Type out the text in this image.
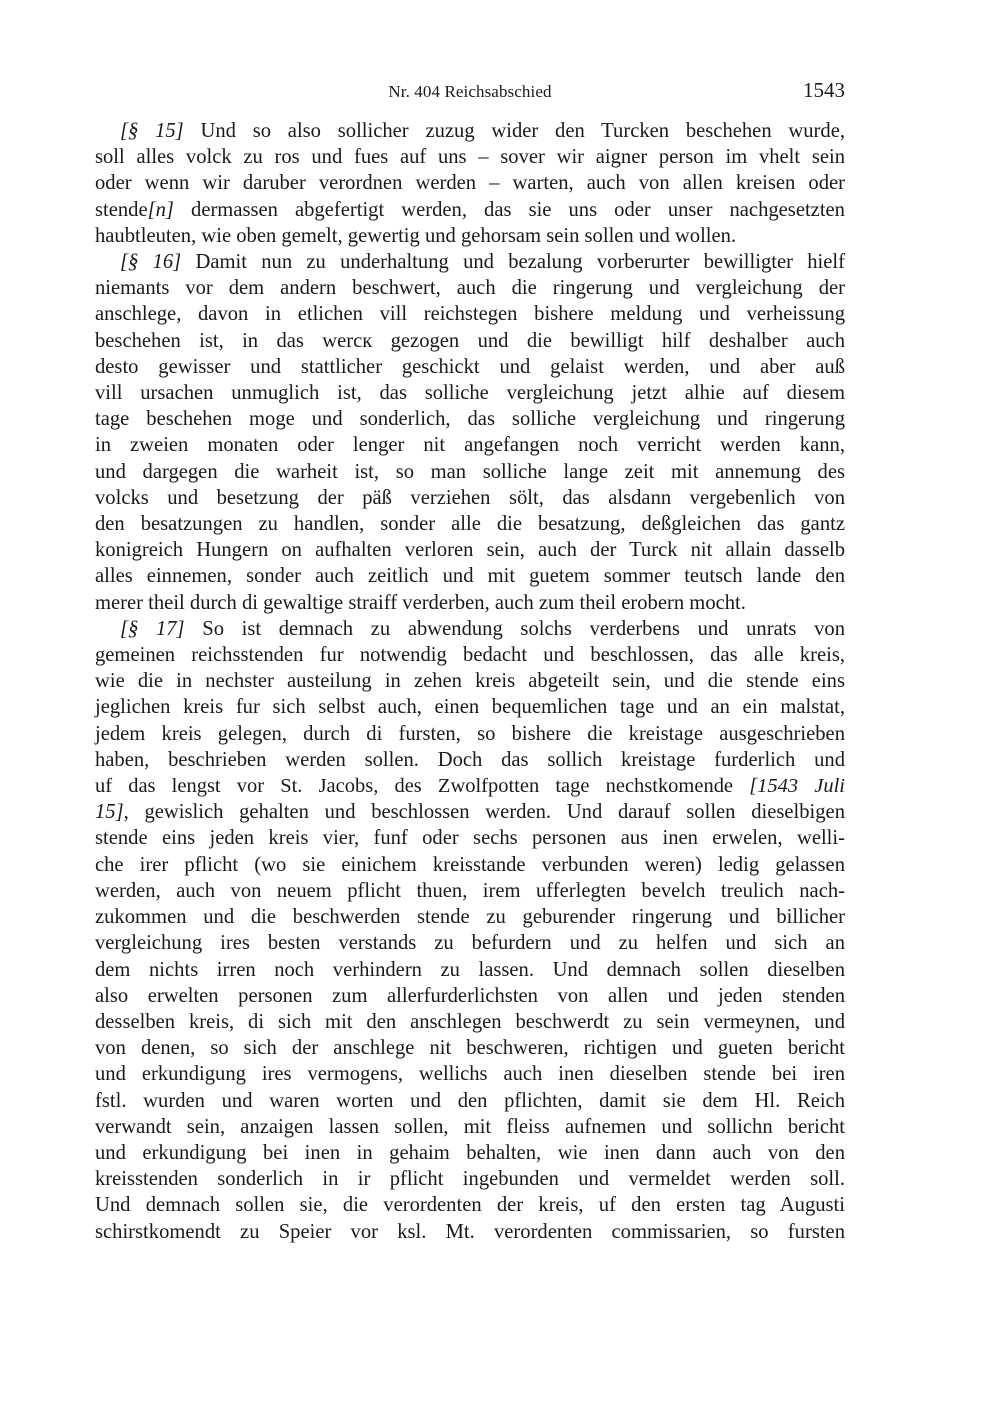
Nr. 404 Reichsabschied	1543
[§ 15] Und so also sollicher zuzug wider den Turcken beschehen wurde,
soll alles volck zu ros und fues auf uns – sover wir aigner person im vhelt sein
oder wenn wir daruber verordnen werden – warten, auch von allen kreisen oder
stende[n] dermassen abgefertigt werden, das sie uns oder unser nachgesetzten
haubtleuten, wie oben gemelt, gewertig und gehorsam sein sollen und wollen.
[§ 16] Damit nun zu underhaltung und bezalung vorberurter bewilligter hielf
niemants vor dem andern beschwert, auch die ringerung und vergleichung der
anschlege, davon in etlichen vill reichstegen bishere meldung und verheissung
beschehen ist, in das wercк gezogen und die bewilligt hilf deshalber auch
desto gewisser und stattlicher geschickt und gelaist werden, und aber auß
vill ursachen unmuglich ist, das solliche vergleichung jetzt alhie auf diesem
tage beschehen moge und sonderlich, das solliche vergleichung und ringerung
in zweien monaten oder lenger nit angefangen noch verricht werden kann,
und dargegen die warheit ist, so man solliche lange zeit mit annemung des
volcks und besetzung der päß verziehen sölt, das alsdann vergebenlich von
den besatzungen zu handlen, sonder alle die besatzung, deßgleichen das gantz
konigreich Hungern on aufhalten verloren sein, auch der Turck nit allain dasselb
alles einnemen, sonder auch zeitlich und mit guetem sommer teutsch lande den
merer theil durch di gewaltige straiff verderben, auch zum theil erobern mocht.
[§ 17] So ist demnach zu abwendung solchs verderbens und unrats von
gemeinen reichsstenden fur notwendig bedacht und beschlossen, das alle kreis,
wie die in nechster austeilung in zehen kreis abgeteilt sein, und die stende eins
jeglichen kreis fur sich selbst auch, einen bequemlichen tage und an ein malstat,
jedem kreis gelegen, durch di fursten, so bishere die kreistage ausgeschrieben
haben, beschrieben werden sollen. Doch das sollich kreistage furderlich und
uf das lengst vor St. Jacobs, des Zwolfpotten tage nechstkomende [1543 Juli
15], gewislich gehalten und beschlossen werden. Und darauf sollen dieselbigen
stende eins jeden kreis vier, funf oder sechs personen aus inen erwelen, welli-
che irer pflicht (wo sie einichem kreisstande verbunden weren) ledig gelassen
werden, auch von neuem pflicht thuen, irem ufferlegten bevelch treulich nach-
zukommen und die beschwerden stende zu geburender ringerung und billicher
vergleichung ires besten verstands zu befurdern und zu helfen und sich an
dem nichts irren noch verhindern zu lassen. Und demnach sollen dieselben
also erwelten personen zum allerfurderlichsten von allen und jeden stenden
desselben kreis, di sich mit den anschlegen beschwerdt zu sein vermeynen, und
von denen, so sich der anschlege nit beschweren, richtigen und gueten bericht
und erkundigung ires vermogens, wellichs auch inen dieselben stende bei iren
fstl. wurden und waren worten und den pflichten, damit sie dem Hl. Reich
verwandt sein, anzaigen lassen sollen, mit fleiss aufnemen und sollichn bericht
und erkundigung bei inen in gehaim behalten, wie inen dann auch von den
kreisstenden sonderlich in ir pflicht ingebunden und vermeldet werden soll.
Und demnach sollen sie, die verordenten der kreis, uf den ersten tag Augusti
schirstkomendt zu Speier vor ksl. Mt. verordenten commissarien, so fursten
